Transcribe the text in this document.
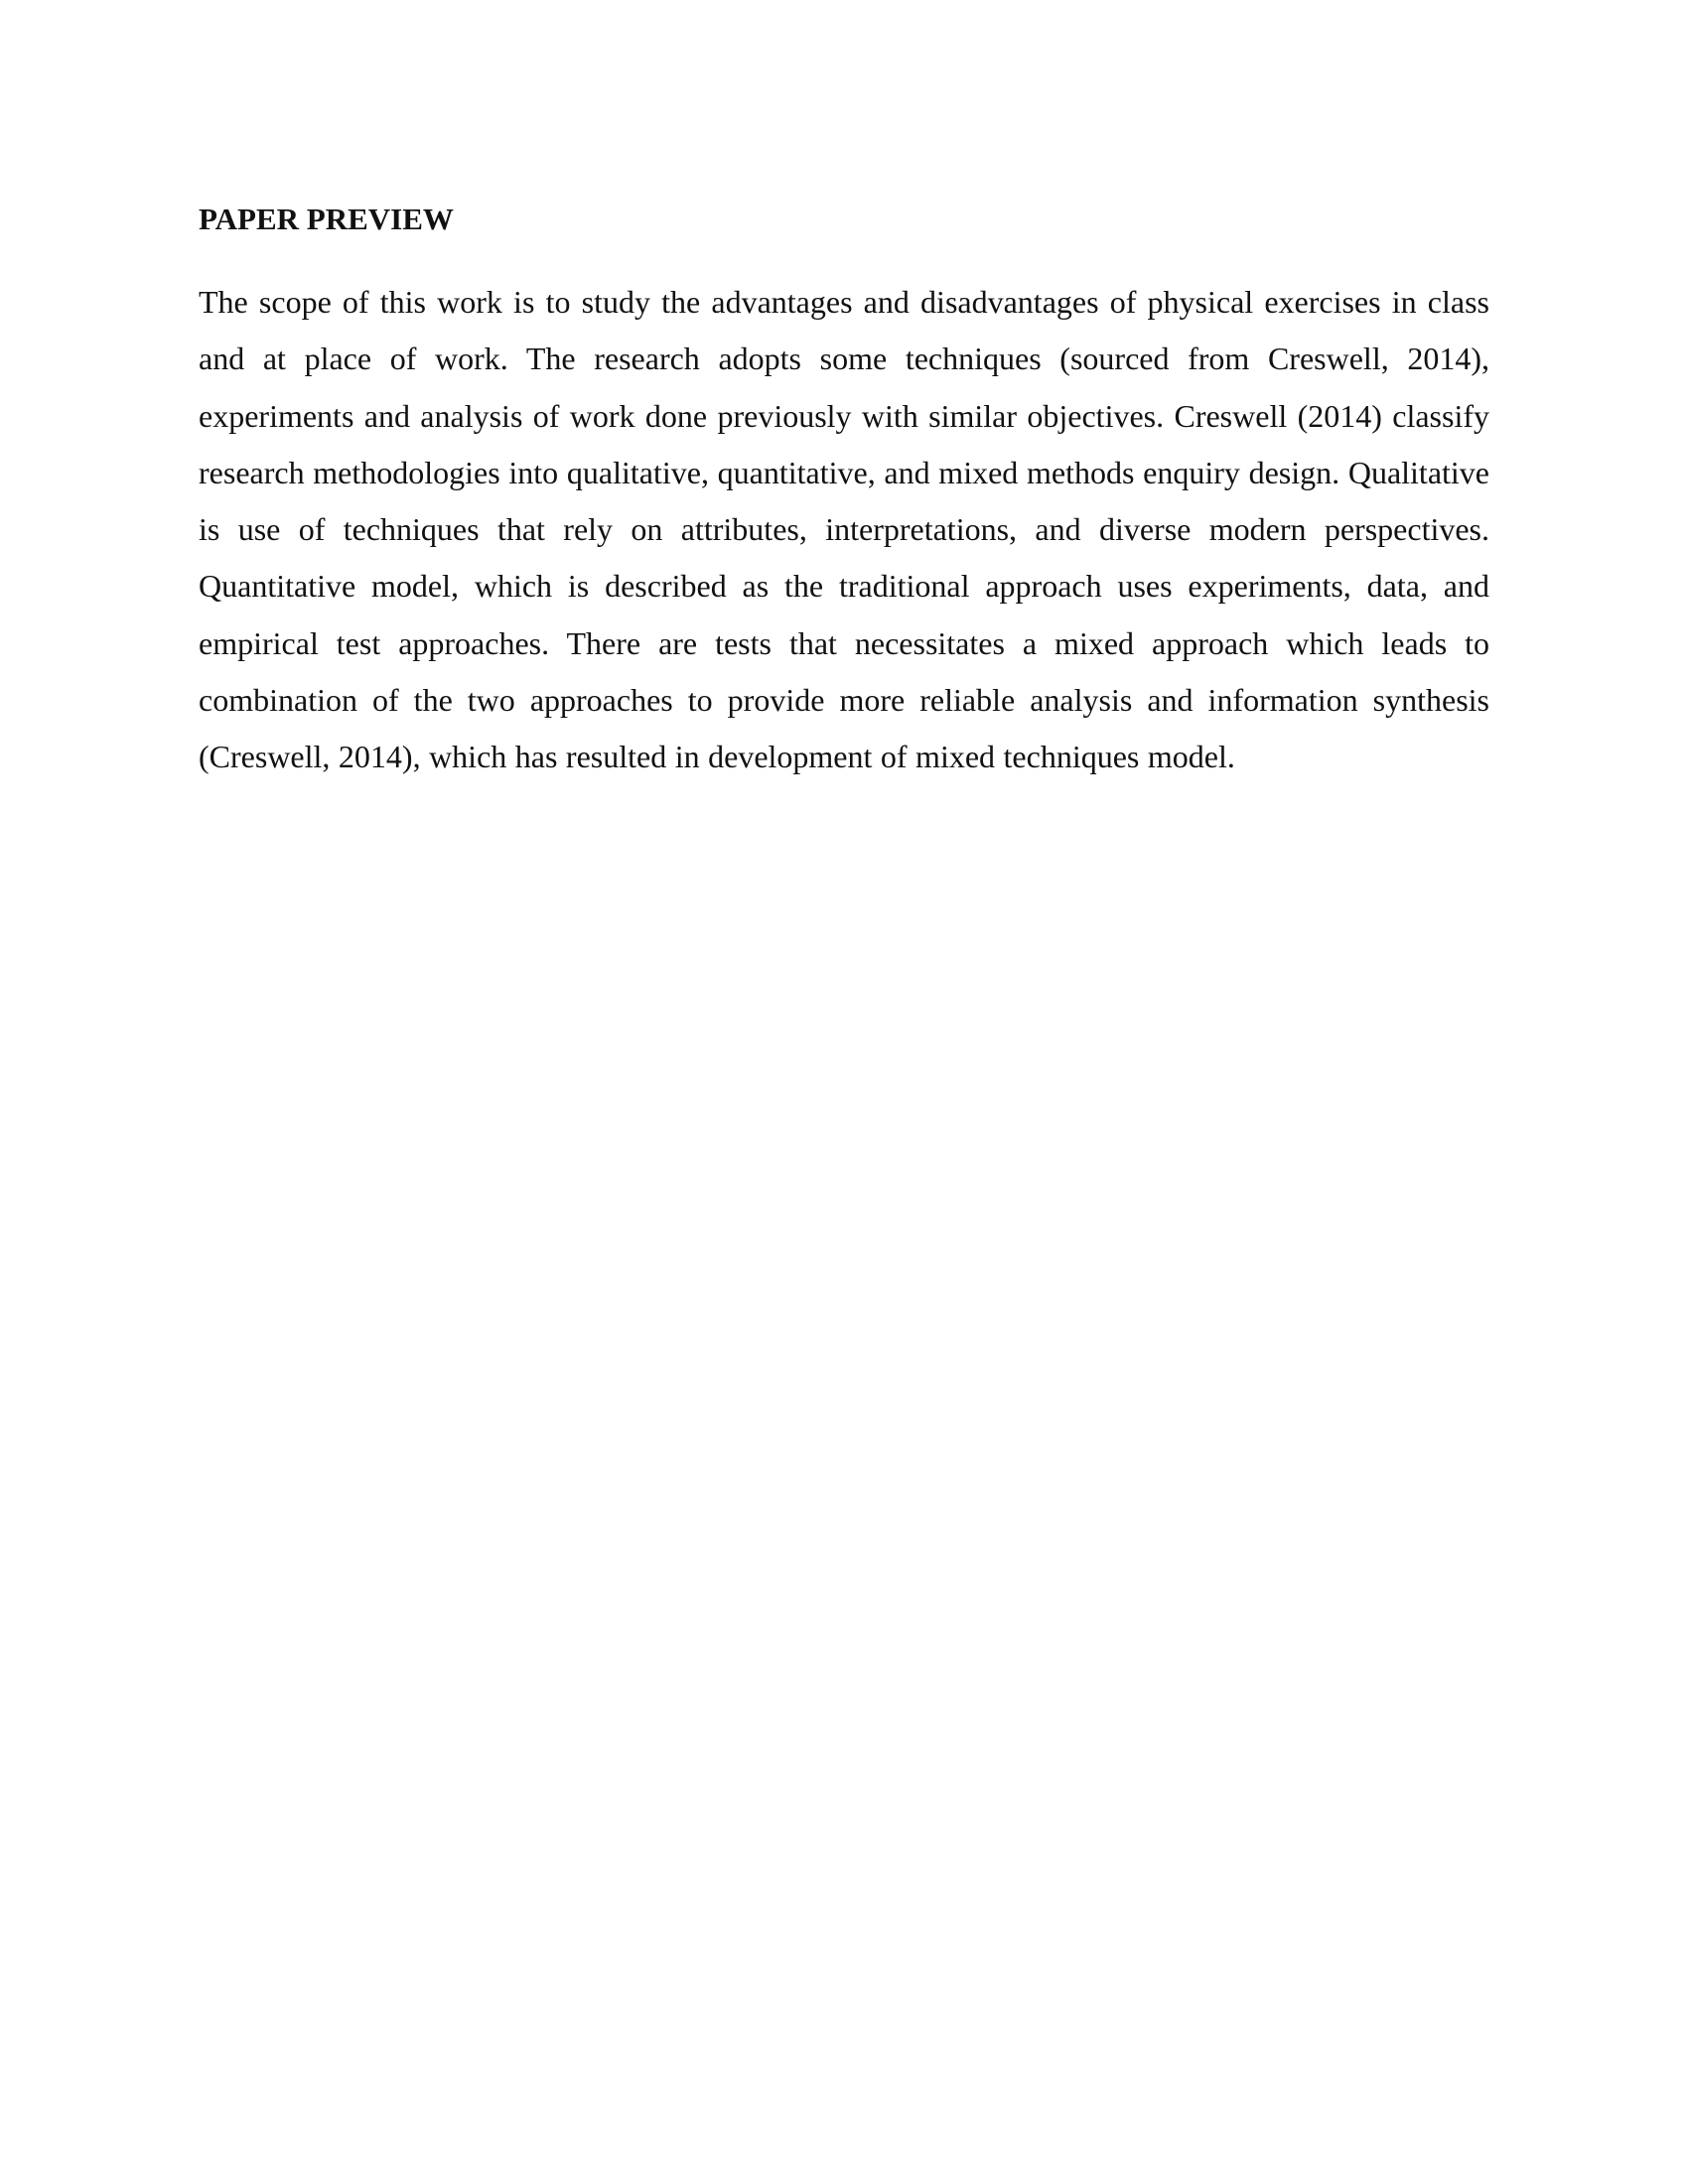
PAPER PREVIEW

The scope of this work is to study the advantages and disadvantages of physical exercises in class and at place of work. The research adopts some techniques (sourced from Creswell, 2014), experiments and analysis of work done previously with similar objectives. Creswell (2014) classify research methodologies into qualitative, quantitative, and mixed methods enquiry design. Qualitative is use of techniques that rely on attributes, interpretations, and diverse modern perspectives. Quantitative model, which is described as the traditional approach uses experiments, data, and empirical test approaches. There are tests that necessitates a mixed approach which leads to combination of the two approaches to provide more reliable analysis and information synthesis (Creswell, 2014), which has resulted in development of mixed techniques model.
